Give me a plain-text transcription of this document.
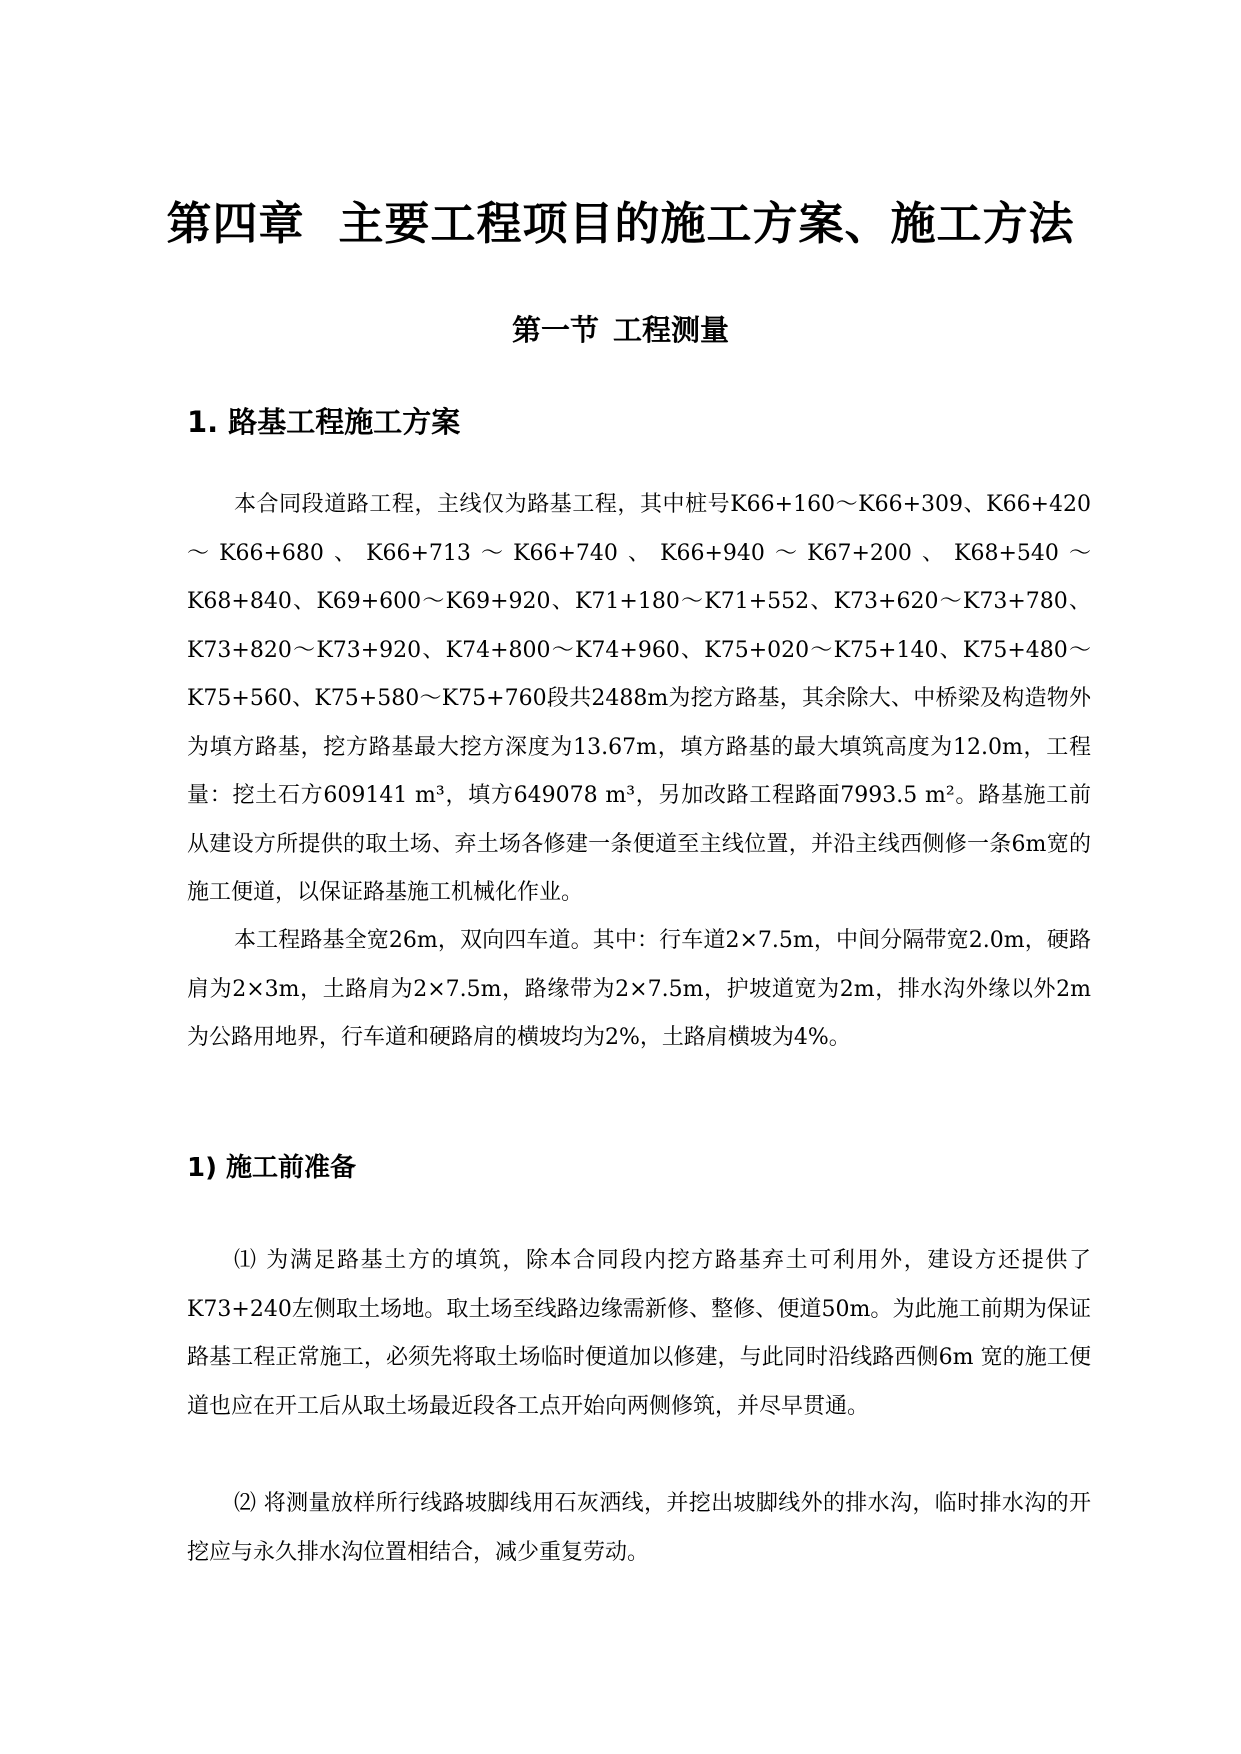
第四章 主要工程项目的施工方案、施工方法
第一节 工程测量
1. 路基工程施工方案

本合同段道路工程，主线仅为路基工程，其中桩号K66+160～K66+309、K66+420～K66+680、K66+713～K66+740、K66+940～K67+200、K68+540～K68+840、K69+600～K69+920、K71+180～K71+552、K73+620～K73+780、K73+820～K73+920、K74+800～K74+960、K75+020～K75+140、K75+480～K75+560、K75+580～K75+760段共2488m为挖方路基，其余除大、中桥梁及构造物外为填方路基，挖方路基最大挖方深度为13.67m，填方路基的最大填筑高度为12.0m，工程量：挖土石方609141 m³，填方649078 m³，另加改路工程路面7993.5 m²。路基施工前从建设方所提供的取土场、弃土场各修建一条便道至主线位置，并沿主线西侧修一条6m宽的施工便道，以保证路基施工机械化作业。

本工程路基全宽26m，双向四车道。其中：行车道2×7.5m，中间分隔带宽2.0m，硬路肩为2×3m，土路肩为2×7.5m，路缘带为2×7.5m，护坡道宽为2m，排水沟外缘以外2m为公路用地界，行车道和硬路肩的横坡均为2%，土路肩横坡为4%。

1) 施工前准备

⑴ 为满足路基土方的填筑，除本合同段内挖方路基弃土可利用外，建设方还提供了K73+240左侧取土场地。取土场至线路边缘需新修、整修、便道50m。为此施工前期为保证路基工程正常施工，必须先将取土场临时便道加以修建，与此同时沿线路西侧6m 宽的施工便道也应在开工后从取土场最近段各工点开始向两侧修筑，并尽早贯通。

⑵ 将测量放样所行线路坡脚线用石灰洒线，并挖出坡脚线外的排水沟，临时排水沟的开挖应与永久排水沟位置相结合，减少重复劳动。
